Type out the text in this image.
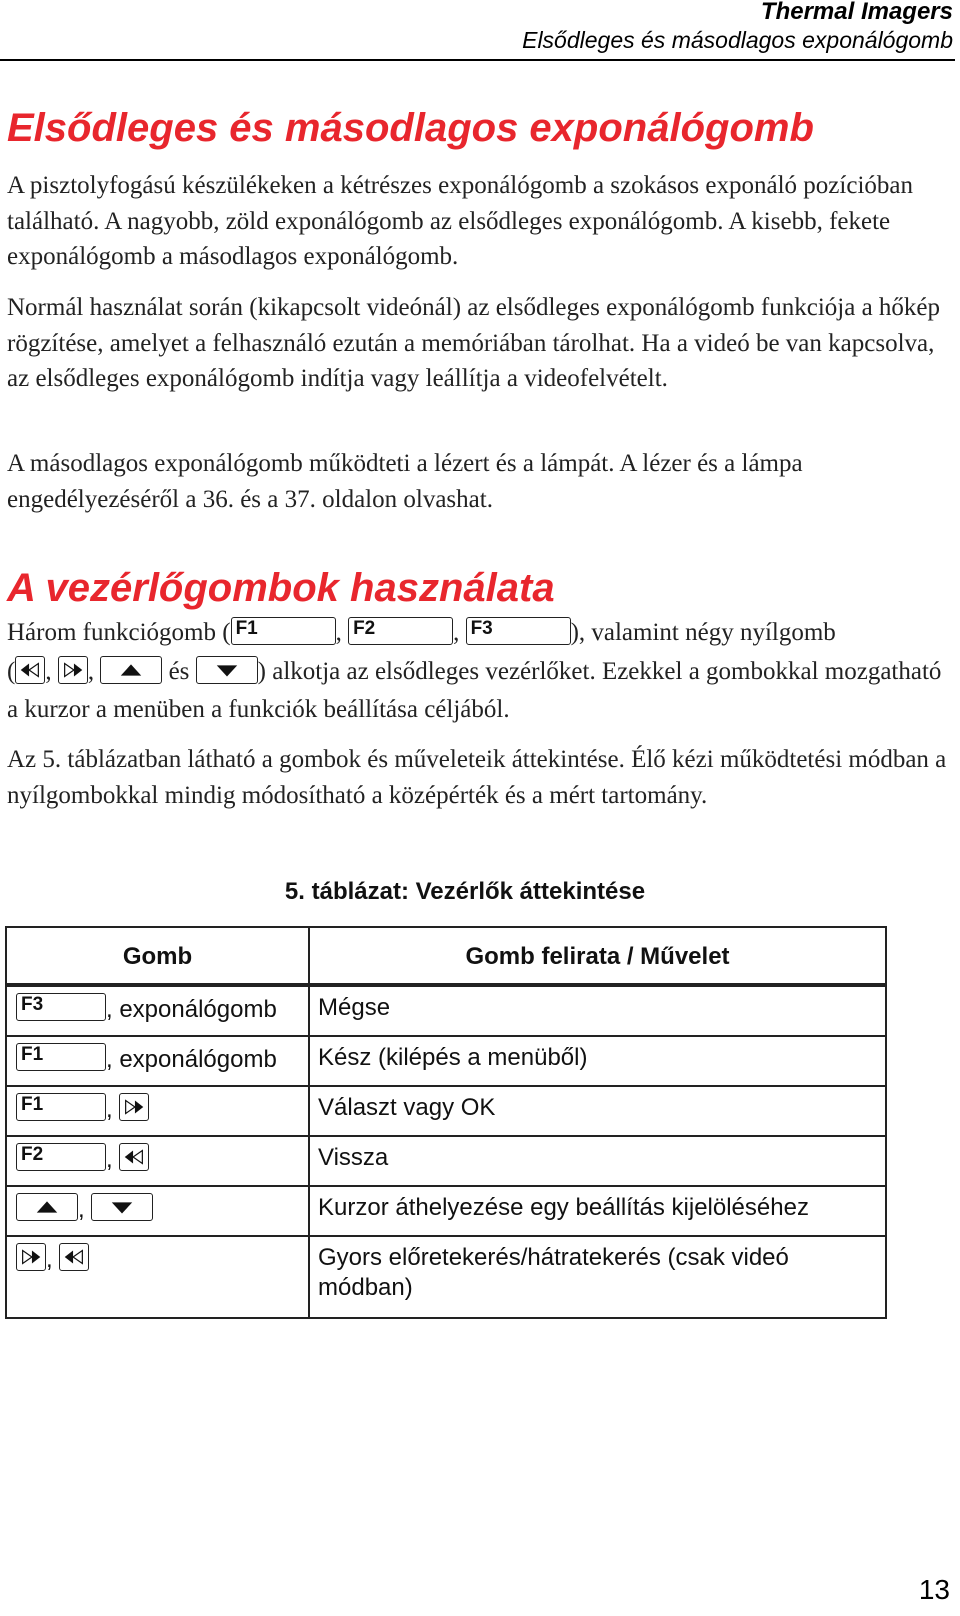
Thermal Imagers
Elsődleges és másodlagos exponálógomb
Elsődleges és másodlagos exponálógomb

A pisztolyfogású készülékeken a kétrészes exponálógomb a szokásos exponáló pozícióban található. A nagyobb, zöld exponálógomb az elsődleges exponálógomb. A kisebb, fekete exponálógomb a másodlagos exponálógomb.

Normál használat során (kikapcsolt videónál) az elsődleges exponálógomb funkciója a hőkép rögzítése, amelyet a felhasználó ezután a memóriában tárolhat. Ha a videó be van kapcsolva, az elsődleges exponálógomb indítja vagy leállítja a videofelvételt.

A másodlagos exponálógomb működteti a lézert és a lámpát. A lézer és a lámpa engedélyezéséről a 36. és a 37. oldalon olvashat.

A vezérlőgombok használata

Három funkciógomb ( F1	, F2	, F3	), valamint négy nyílgomb
( ,
,	és	) alkotja az elsődleges vezérlőket. Ezekkel a gombokkal mozgatható a kurzor a menüben a funkciók beállítása céljából.

Az 5. táblázatban látható a gombok és műveleteik áttekintése. Élő kézi működtetési módban a nyílgombokkal mindig módosítható a középérték és a mért tartomány.

5. táblázat: Vezérlők áttekintése
Gomb	Gomb felirata / Művelet

F3 , exponálógomb	Mégse

F1 , exponálógomb	Kész (kilépés a menüből)

F1 ,	Választ vagy OK

F2 ,	Vissza

,	Kurzor áthelyezése egy beállítás kijelöléséhez

,	Gyors előretekerés/hátratekerés (csak videó módban)
13
